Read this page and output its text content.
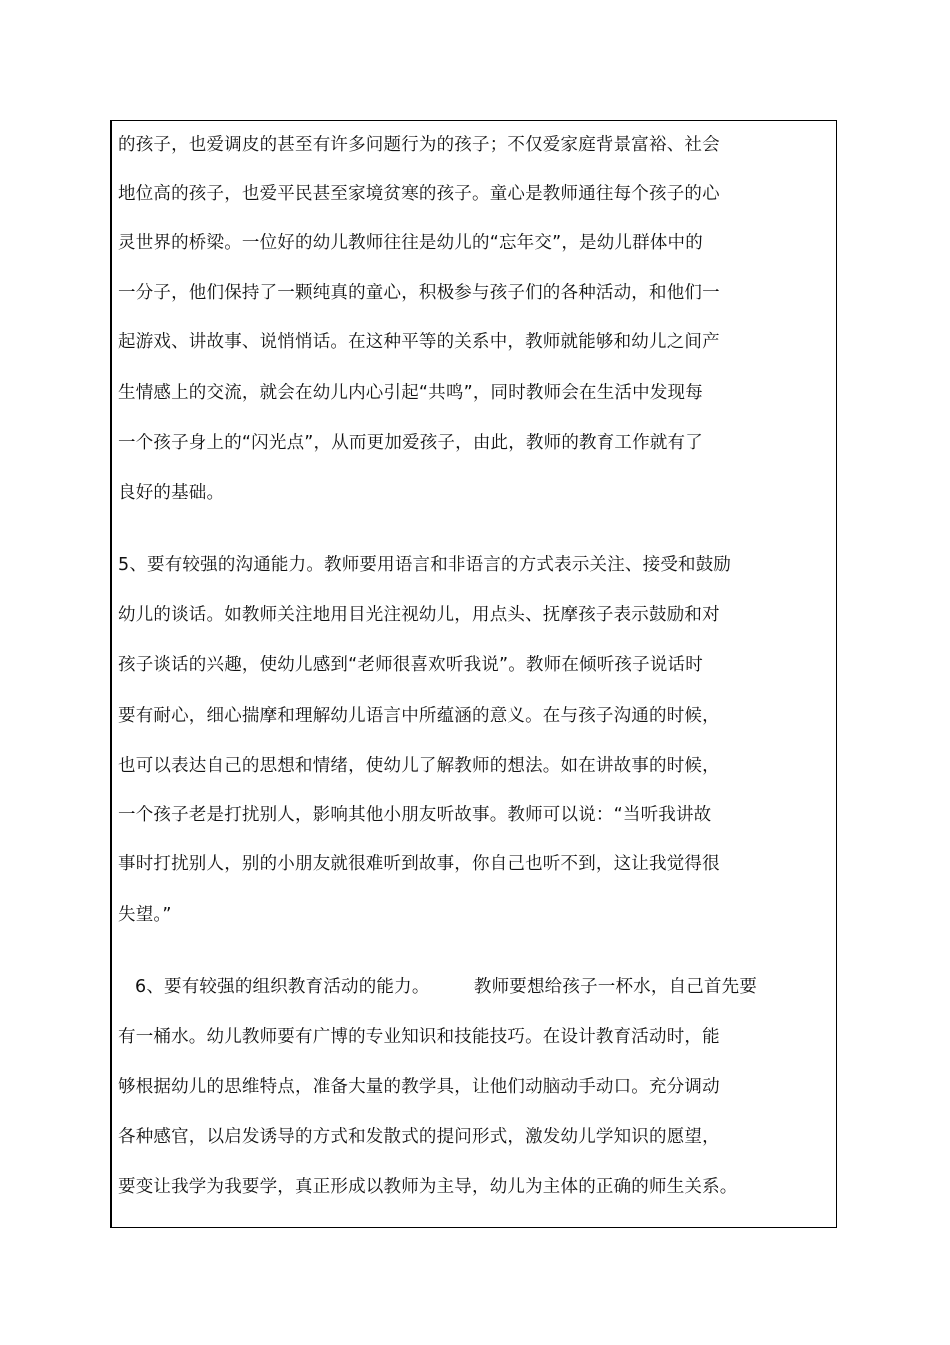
的孩子，也爱调皮的甚至有许多问题行为的孩子；不仅爱家庭背景富裕、社会
地位高的孩子，也爱平民甚至家境贫寒的孩子。童心是教师通往每个孩子的心
灵世界的桥梁。一位好的幼儿教师往往是幼儿的“忘年交”，是幼儿群体中的
一分子，他们保持了一颗纯真的童心，积极参与孩子们的各种活动，和他们一
起游戏、讲故事、说悄悄话。在这种平等的关系中，教师就能够和幼儿之间产
生情感上的交流，就会在幼儿内心引起“共鸣”，同时教师会在生活中发现每
一个孩子身上的“闪光点”，从而更加爱孩子，由此，教师的教育工作就有了
良好的基础。
5、要有较强的沟通能力。教师要用语言和非语言的方式表示关注、接受和鼓励
幼儿的谈话。如教师关注地用目光注视幼儿，用点头、抚摩孩子表示鼓励和对
孩子谈话的兴趣，使幼儿感到“老师很喜欢听我说”。教师在倾听孩子说话时
要有耐心，细心揣摩和理解幼儿语言中所蕴涵的意义。在与孩子沟通的时候，
也可以表达自己的思想和情绪，使幼儿了解教师的想法。如在讲故事的时候，
一个孩子老是打扰别人，影响其他小朋友听故事。教师可以说：“当听我讲故
事时打扰别人，别的小朋友就很难听到故事，你自己也听不到，这让我觉得很
失望。”
6、要有较强的组织教育活动的能力。　　　教师要想给孩子一杯水，自己首先要
有一桶水。幼儿教师要有广博的专业知识和技能技巧。在设计教育活动时，能
够根据幼儿的思维特点，准备大量的教学具，让他们动脑动手动口。充分调动
各种感官，以启发诱导的方式和发散式的提问形式，激发幼儿学知识的愿望，
要变让我学为我要学，真正形成以教师为主导，幼儿为主体的正确的师生关系。
